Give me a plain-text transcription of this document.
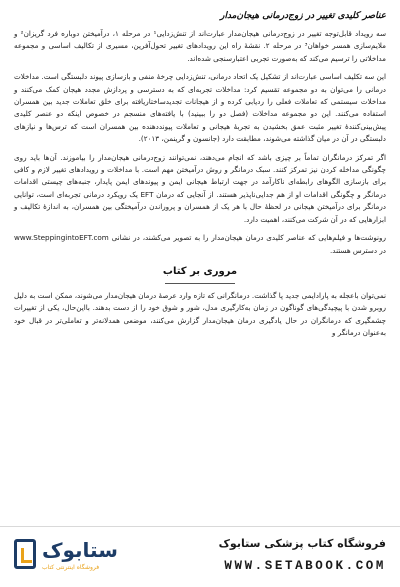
عناصر کلیدی تغییر در زوج‌درمانی هیجان‌مدار

سه رویداد قابل‌توجه تغییر در زوج‌درمانی هیجان‌مدار عبارت‌اند از تنش‌زدایی¹ در مرحله ۱، درآمیختن دوباره فرد گریزان² و ملایم‌سازی همسر خواهان³ در مرحله ۲. نقشهٔ راه این رویدادهای تغییر تحول‌آفرین، مسیری از تکالیف اساسی و مجموعه مداخلاتی را ترسیم می‌کند که به‌صورت تجربی اعتبارسنجی شده‌اند.

این سه تکلیف اساسی عبارت‌اند از تشکیل یک اتحاد درمانی، تنش‌زدایی چرخهٔ منفی و بازسازی پیوند دلبستگی است. مداخلات درمانی را می‌توان به دو مجموعه تقسیم کرد: مداخلات تجربه‌ای که به دسترسی و پردازش مجدد هیجان کمک می‌کنند و مداخلات سیستمی که تعاملات فعلی را ردیابی کرده و از هیجانات تجدیدساختار‌یافته برای خلق تعاملات جدید بین همسران استفاده می‌کنند. این دو مجموعه مداخلات (فصل دو را ببینید) با یافته‌های منسجم در خصوص اینکه دو عنصر کلیدی پیش‌بینی‌کنندهٔ تغییر مثبت عمق بخشیدن به تجربهٔ هیجانی و تعاملات پیونددهنده بین همسران است که ترس‌ها و نیازهای دلبستگی در آن در میان گذاشته می‌شوند، مطابقت دارد (جانسون و گرینمن، ۲۰۱۳).

اگر تمرکز درمانگران تماماً بر چیزی باشد که انجام می‌دهند، نمی‌توانند زوج‌درمانی هیجان‌مدار را بیاموزند. آن‌ها باید روی چگونگی مداخله کردن نیز تمرکز کنند. سبک درمانگر و روش درآمیختن مهم است. با مداخلات و رویدادهای تغییر لازم و کافی برای بازسازی الگوهای رابطه‌ای ناکارآمد در جهت ارتباط هیجانی ایمن و پیوندهای ایمن پایدار، جنبه‌های چیستی اقدامات درمانگر و چگونگی اقدامات او از هم جدایی‌ناپذیر هستند. از آنجایی که درمان EFT یک رویکرد درمانی تجربه‌ای است، توانایی درمانگر برای درآمیختن هیجانی در لحظهٔ حال با هر یک از همسران و پروراندن درآمیختگی بین همسران، به اندازهٔ تکالیف و ابزارهایی که در آن شرکت می‌کنند، اهمیت دارد.

رونوشت‌ها و فیلم‌هایی که عناصر کلیدی درمان هیجان‌مدار را به تصویر می‌کشند، در نشانی www.SteppingintoEFT.com در دسترس هستند.

مروری بر کتاب

نمی‌توان باعجله به پارادایمی جدید پا گذاشت. درمانگرانی که تازه وارد عرصهٔ درمان هیجان‌مدار می‌شوند، ممکن است به دلیل روبرو شدن با پیچیدگی‌های گوناگون در زمان به‌کارگیری مدل، شور و شوق خود را از دست بدهند. بااین‌حال، یکی از تغییرات چشمگیری که درمانگران در حال یادگیری درمان هیجان‌مدار گزارش می‌کنند، موضعی همدلانه‌تر و تعاملی‌تر در قبال خود به‌عنوان درمانگر و

ستابوک
فروشگاه اینترنتی کتاب
فروشگاه کتاب پزشکی ستابوک
WWW.SETABOOK.COM
